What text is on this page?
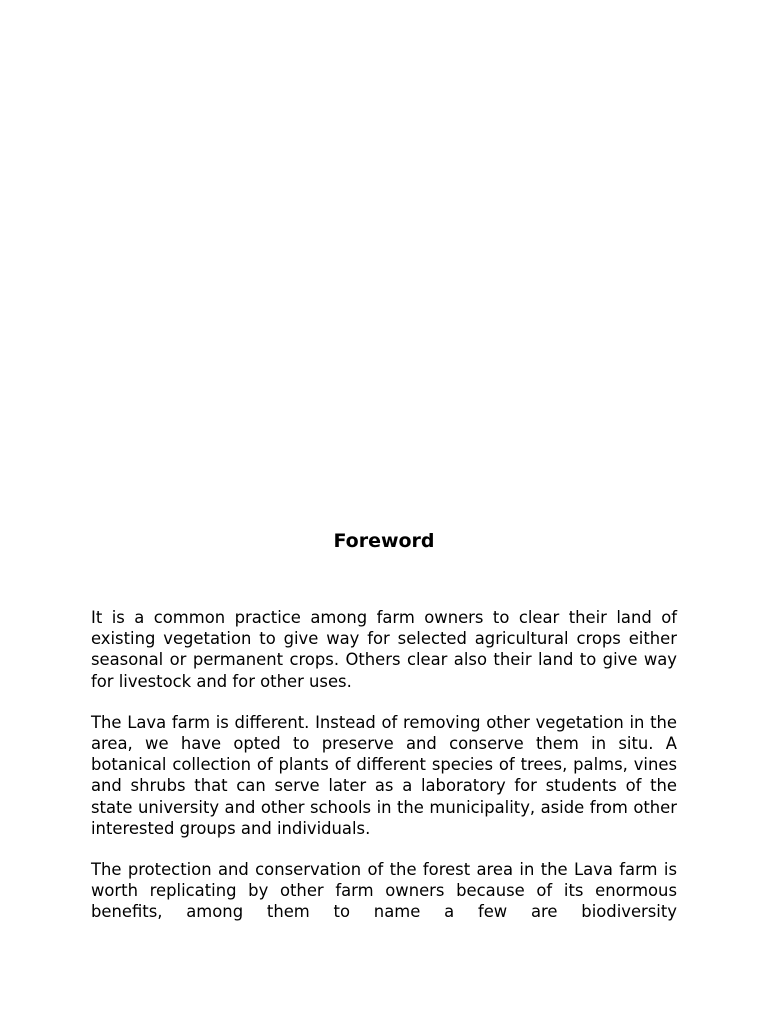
Foreword

It is a common practice among farm owners to clear their land of existing vegetation to give way for selected agricultural crops either seasonal or permanent crops. Others clear also their land to give way for livestock and for other uses.

The Lava farm is different. Instead of removing other vegetation in the area, we have opted to preserve and conserve them in situ. A botanical collection of plants of different species of trees, palms, vines and shrubs that can serve later as a laboratory for students of the state university and other schools in the municipality, aside from other interested groups and individuals.

The protection and conservation of the forest area in the Lava farm is worth replicating by other farm owners because of its enormous benefits, among them to name a few are biodiversity
